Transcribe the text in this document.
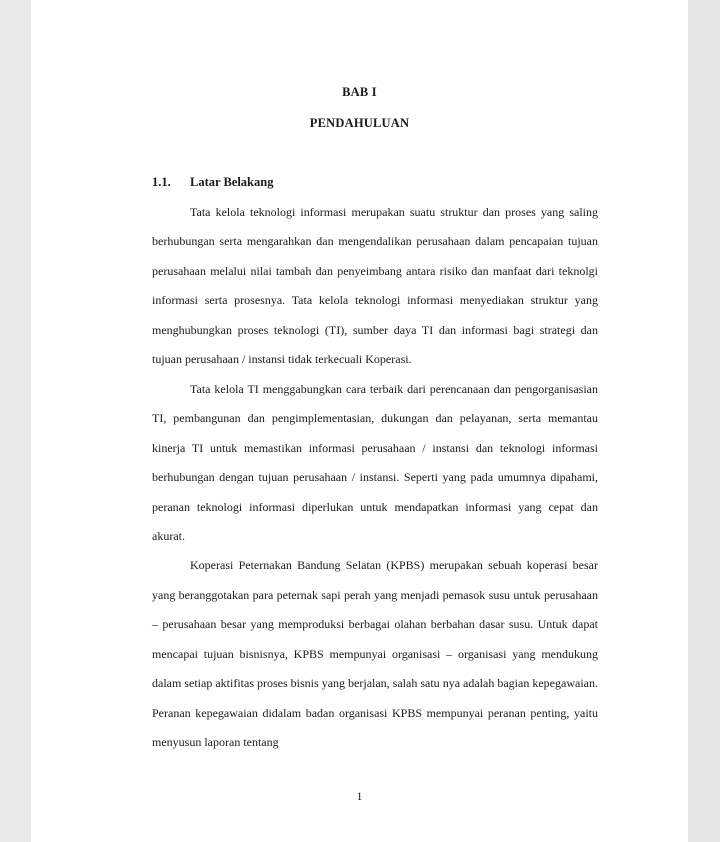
BAB I
PENDAHULUAN
1.1. Latar Belakang

Tata kelola teknologi informasi merupakan suatu struktur dan proses yang saling berhubungan serta mengarahkan dan mengendalikan perusahaan dalam pencapaian tujuan perusahaan melalui nilai tambah dan penyeimbang antara risiko dan manfaat dari teknolgi informasi serta prosesnya. Tata kelola teknologi informasi menyediakan struktur yang menghubungkan proses teknologi (TI), sumber daya TI dan informasi bagi strategi dan tujuan perusahaan / instansi tidak terkecuali Koperasi.

Tata kelola TI menggabungkan cara terbaik dari perencanaan dan pengorganisasian TI, pembangunan dan pengimplementasian, dukungan dan pelayanan, serta memantau kinerja TI untuk memastikan informasi perusahaan / instansi dan teknologi informasi berhubungan dengan tujuan perusahaan / instansi. Seperti yang pada umumnya dipahami, peranan teknologi informasi diperlukan untuk mendapatkan informasi yang cepat dan akurat.

Koperasi Peternakan Bandung Selatan (KPBS) merupakan sebuah koperasi besar yang beranggotakan para peternak sapi perah yang menjadi pemasok susu untuk perusahaan – perusahaan besar yang memproduksi berbagai olahan berbahan dasar susu. Untuk dapat mencapai tujuan bisnisnya, KPBS mempunyai organisasi – organisasi yang mendukung dalam setiap aktifitas proses bisnis yang berjalan, salah satu nya adalah bagian kepegawaian. Peranan kepegawaian didalam badan organisasi KPBS mempunyai peranan penting, yaitu menyusun laporan tentang

1
